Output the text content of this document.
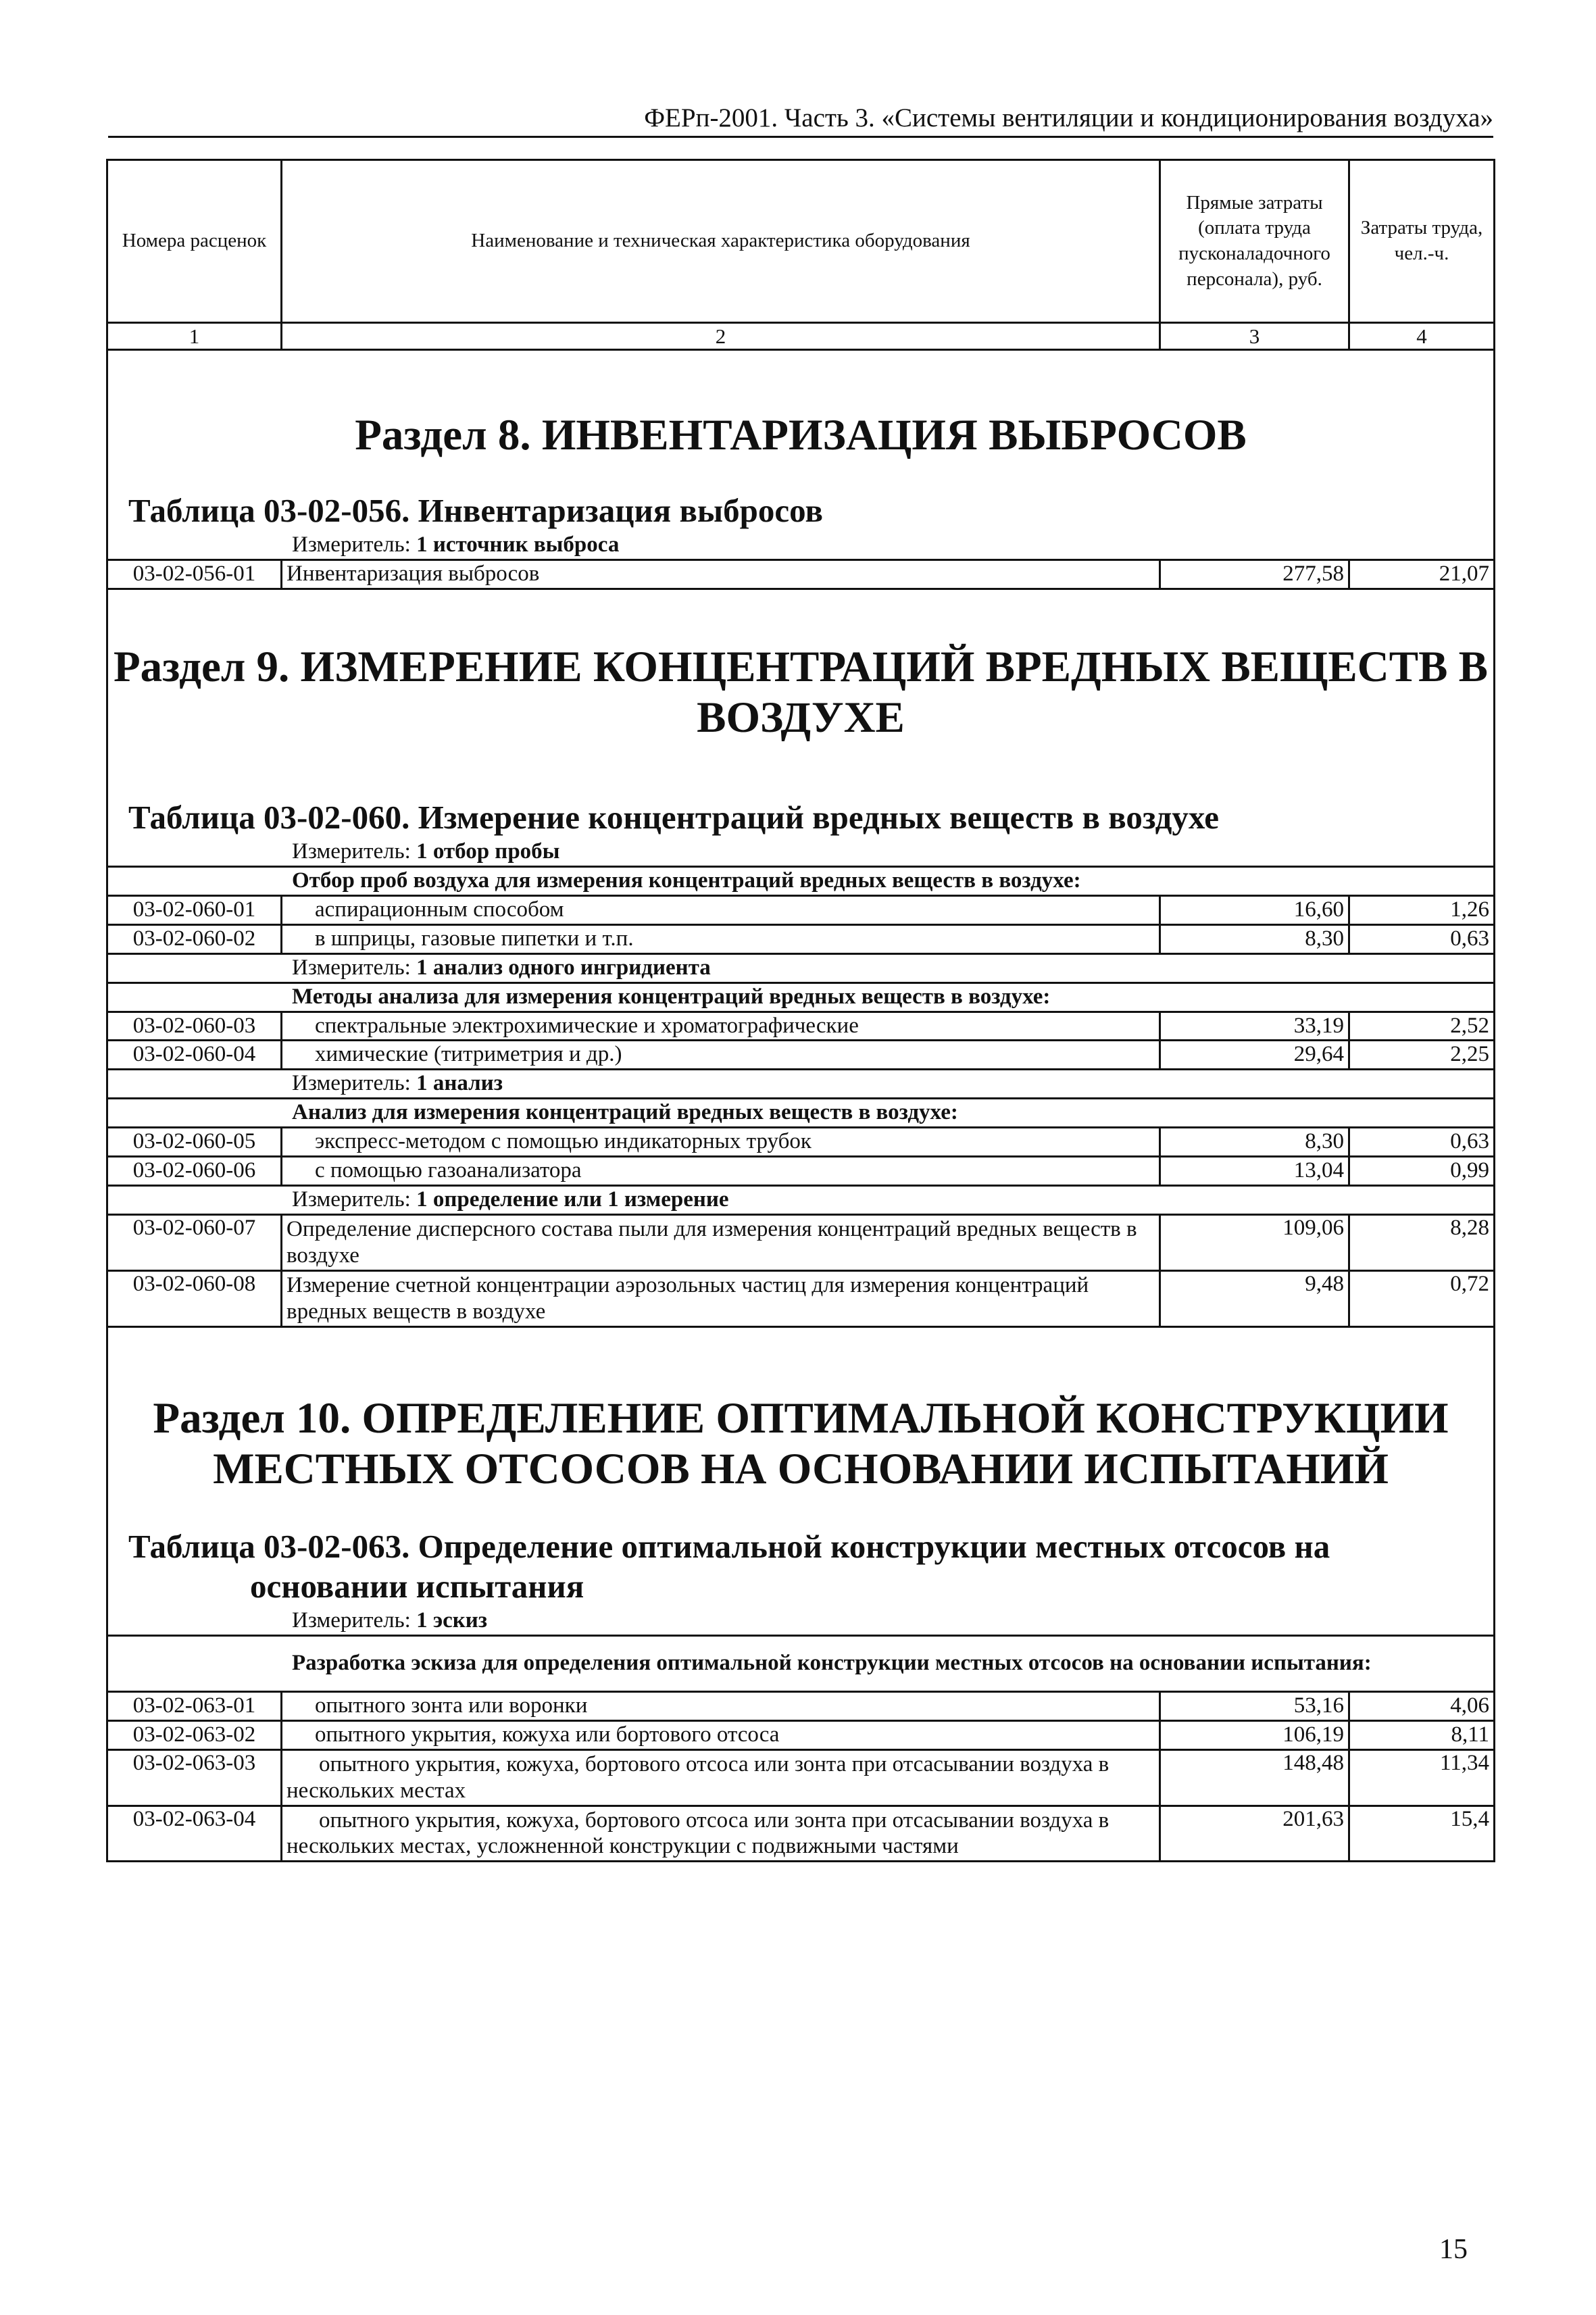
ФЕРп-2001. Часть 3. «Системы вентиляции и кондиционирования воздуха»
Номера расценок	Наименование и техническая характеристика оборудования	Прямые затраты (оплата труда пусконаладочного персонала), руб.	Затраты труда, чел.-ч.
1	2	3	4
Раздел 8. ИНВЕНТАРИЗАЦИЯ ВЫБРОСОВ			
Таблица 03-02-056. Инвентаризация выбросов			
Измеритель: 1 источник выброса			
03-02-056-01	Инвентаризация выбросов	277,58	21,07
Раздел 9. ИЗМЕРЕНИЕ КОНЦЕНТРАЦИЙ ВРЕДНЫХ ВЕЩЕСТВ В ВОЗДУХЕ			
Таблица 03-02-060. Измерение концентраций вредных веществ в воздухе			
Измеритель: 1 отбор пробы			
Отбор проб воздуха для измерения концентраций вредных веществ в воздухе:			
03-02-060-01	аспирационным способом	16,60	1,26
03-02-060-02	в шприцы, газовые пипетки и т.п.	8,30	0,63
Измеритель: 1 анализ одного ингридиента			
Методы анализа для измерения концентраций вредных веществ в воздухе:			
03-02-060-03	спектральные электрохимические и хроматографические	33,19	2,52
03-02-060-04	химические (титриметрия и др.)	29,64	2,25
Измеритель: 1 анализ			
Анализ для измерения концентраций вредных веществ в воздухе:			
03-02-060-05	экспресс-методом с помощью индикаторных трубок	8,30	0,63
03-02-060-06	с помощью газоанализатора	13,04	0,99
Измеритель: 1 определение или 1 измерение			
03-02-060-07	Определение дисперсного состава пыли для измерения концентраций вредных веществ в воздухе	109,06	8,28
03-02-060-08	Измерение счетной концентрации аэрозольных частиц для измерения концентраций вредных веществ в воздухе	9,48	0,72
Раздел 10. ОПРЕДЕЛЕНИЕ ОПТИМАЛЬНОЙ КОНСТРУКЦИИ МЕСТНЫХ ОТСОСОВ НА ОСНОВАНИИ ИСПЫТАНИЙ			
Таблица 03-02-063. Определение оптимальной конструкции местных отсосов на
основании испытания			

Измеритель: 1 эскиз			
Разработка эскиза для определения оптимальной конструкции местных отсосов на основании испытания:			
03-02-063-01	опытного зонта или воронки	53,16	4,06
03-02-063-02	опытного укрытия, кожуха или бортового отсоса	106,19	8,11
03-02-063-03	опытного укрытия, кожуха, бортового отсоса или зонта при отсасывании воздуха в нескольких местах	148,48	11,34
03-02-063-04	опытного укрытия, кожуха, бортового отсоса или зонта при отсасывании воздуха в нескольких местах, усложненной конструкции с подвижными частями	201,63	15,4
15
